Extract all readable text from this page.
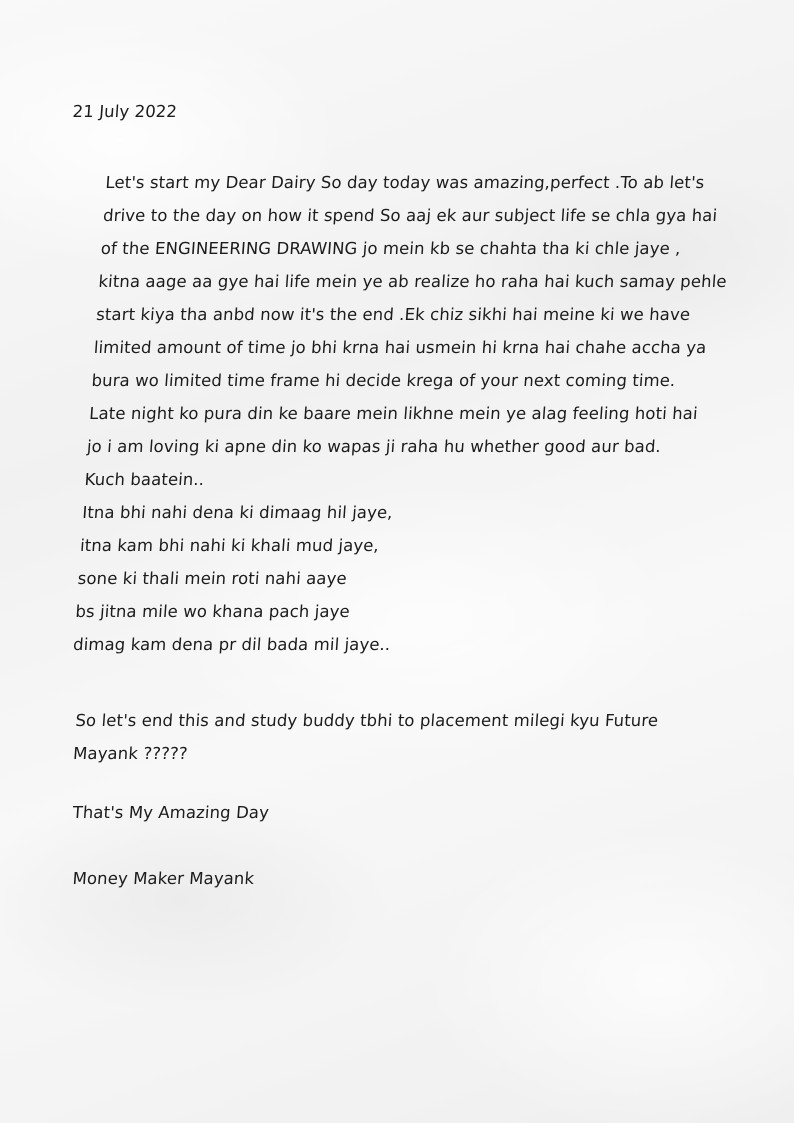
21 July 2022

Let's start my Dear Dairy So day today was amazing,perfect .To ab let's
drive to the day on how it spend So aaj ek aur subject life se chla gya hai
of the ENGINEERING DRAWING jo mein kb se chahta tha ki chle jaye ,
kitna aage aa gye hai life mein ye ab realize ho raha hai kuch samay pehle
start kiya tha anbd now it's the end .Ek chiz sikhi hai meine ki we have
limited amount of time jo bhi krna hai usmein hi krna hai chahe accha ya
bura wo limited time frame hi decide krega of your next coming time.
Late night ko pura din ke baare mein likhne mein ye alag feeling hoti hai
jo i am loving ki apne din ko wapas ji raha hu whether good aur bad.
Kuch baatein..
Itna bhi nahi dena ki dimaag hil jaye,
itna kam bhi nahi ki khali mud jaye,
sone ki thali mein roti nahi aaye
bs jitna mile wo khana pach jaye
dimag kam dena pr dil bada mil jaye..
So let's end this and study buddy tbhi to placement milegi kyu Future
Mayank ?????

That's My Amazing Day

Money Maker Mayank
